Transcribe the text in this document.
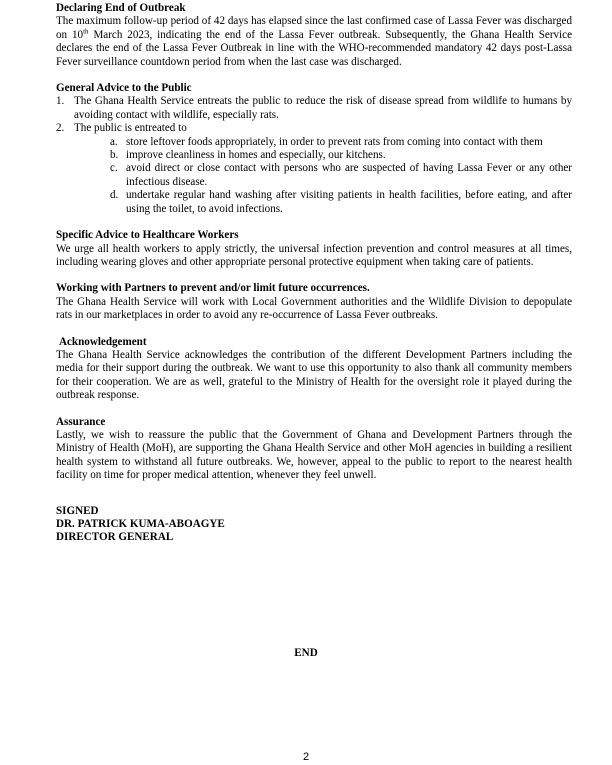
Declaring End of Outbreak

The maximum follow-up period of 42 days has elapsed since the last confirmed case of Lassa Fever was discharged on 10th March 2023, indicating the end of the Lassa Fever outbreak. Subsequently, the Ghana Health Service declares the end of the Lassa Fever Outbreak in line with the WHO-recommended mandatory 42 days post-Lassa Fever surveillance countdown period from when the last case was discharged.

General Advice to the Public
1. The Ghana Health Service entreats the public to reduce the risk of disease spread from wildlife to humans by avoiding contact with wildlife, especially rats.
2. The public is entreated to
a. store leftover foods appropriately, in order to prevent rats from coming into contact with them
b. improve cleanliness in homes and especially, our kitchens.
c. avoid direct or close contact with persons who are suspected of having Lassa Fever or any other infectious disease.
d. undertake regular hand washing after visiting patients in health facilities, before eating, and after using the toilet, to avoid infections.
Specific Advice to Healthcare Workers

We urge all health workers to apply strictly, the universal infection prevention and control measures at all times, including wearing gloves and other appropriate personal protective equipment when taking care of patients.

Working with Partners to prevent and/or limit future occurrences.

The Ghana Health Service will work with Local Government authorities and the Wildlife Division to depopulate rats in our marketplaces in order to avoid any re-occurrence of Lassa Fever outbreaks.

Acknowledgement

The Ghana Health Service acknowledges the contribution of the different Development Partners including the media for their support during the outbreak. We want to use this opportunity to also thank all community members for their cooperation. We are as well, grateful to the Ministry of Health for the oversight role it played during the outbreak response.

Assurance

Lastly, we wish to reassure the public that the Government of Ghana and Development Partners through the Ministry of Health (MoH), are supporting the Ghana Health Service and other MoH agencies in building a resilient health system to withstand all future outbreaks. We, however, appeal to the public to report to the nearest health facility on time for proper medical attention, whenever they feel unwell.

SIGNED
DR. PATRICK KUMA-ABOAGYE
DIRECTOR GENERAL
END
2
